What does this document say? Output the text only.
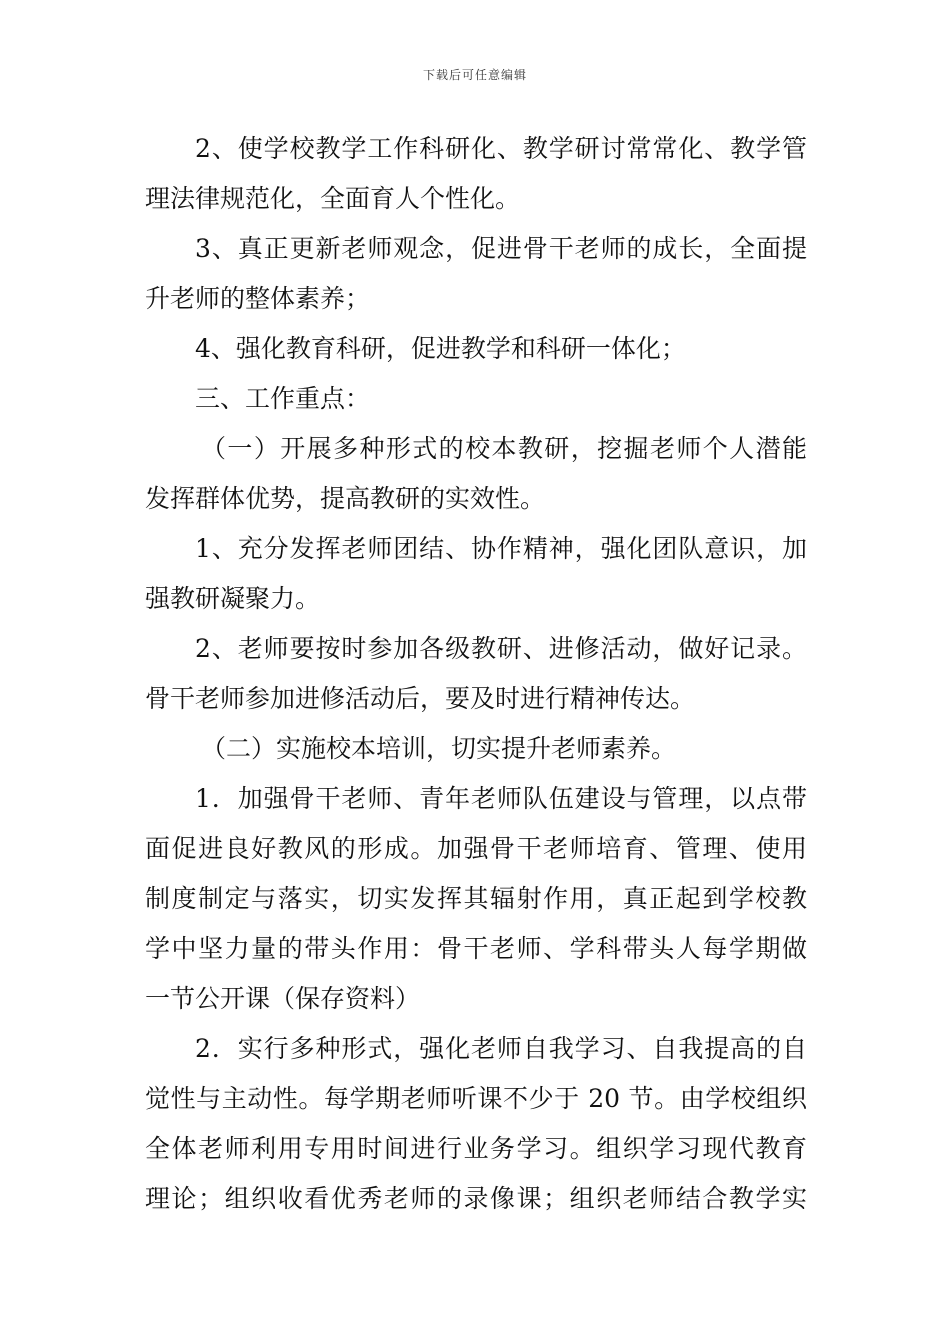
下载后可任意编辑
2、使学校教学工作科研化、教学研讨常常化、教学管
理法律规范化，全面育人个性化。
3、真正更新老师观念，促进骨干老师的成长，全面提
升老师的整体素养；
4、强化教育科研，促进教学和科研一体化；
三、工作重点：
（一）开展多种形式的校本教研，挖掘老师个人潜能
发挥群体优势，提高教研的实效性。
1、充分发挥老师团结、协作精神，强化团队意识，加
强教研凝聚力。
2、老师要按时参加各级教研、进修活动，做好记录。
骨干老师参加进修活动后，要及时进行精神传达。
（二）实施校本培训，切实提升老师素养。
1．加强骨干老师、青年老师队伍建设与管理，以点带
面促进良好教风的形成。加强骨干老师培育、管理、使用
制度制定与落实，切实发挥其辐射作用，真正起到学校教
学中坚力量的带头作用：骨干老师、学科带头人每学期做
一节公开课（保存资料）
2．实行多种形式，强化老师自我学习、自我提高的自
觉性与主动性。每学期老师听课不少于 20 节。由学校组织
全体老师利用专用时间进行业务学习。组织学习现代教育
理论；组织收看优秀老师的录像课；组织老师结合教学实
